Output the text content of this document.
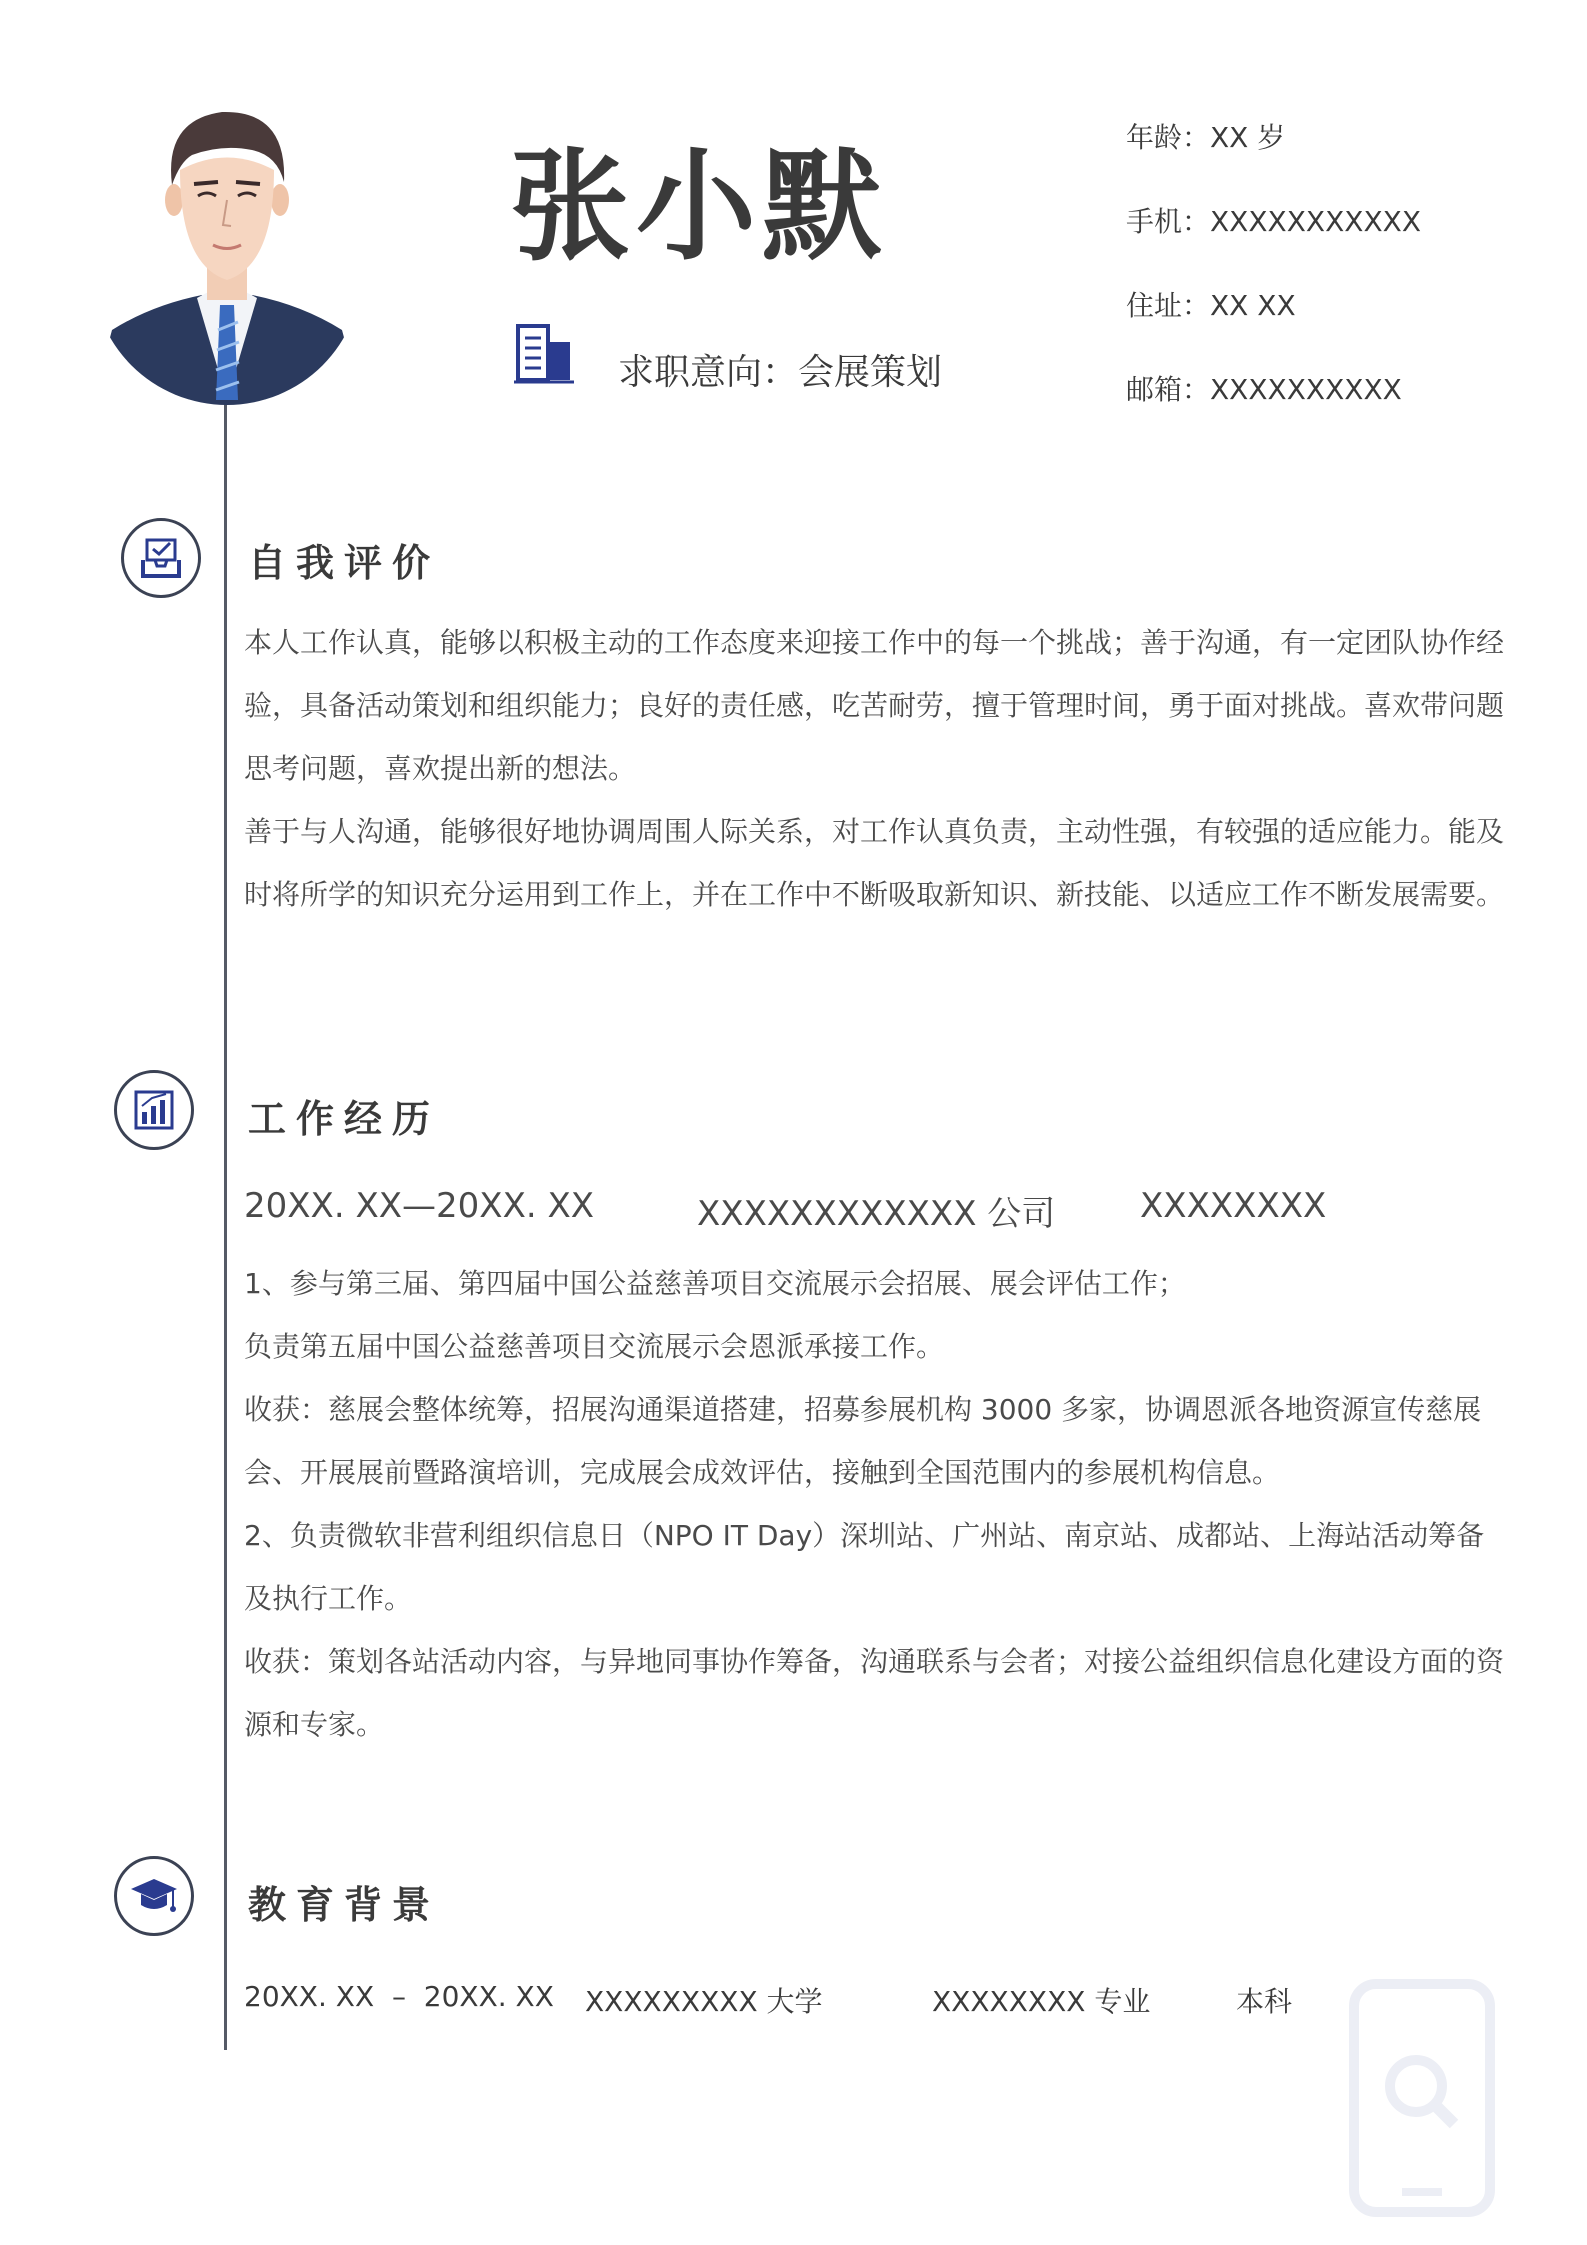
张小默
求职意向：会展策划
年龄：XX 岁
手机：XXXXXXXXXXX
住址：XX XX
邮箱：XXXXXXXXXX
自我评价

本人工作认真，能够以积极主动的工作态度来迎接工作中的每一个挑战；善于沟通，有一定团队协作经验，具备活动策划和组织能力；良好的责任感，吃苦耐劳，擅于管理时间，勇于面对挑战。喜欢带问题思考问题，喜欢提出新的想法。

善于与人沟通，能够很好地协调周围人际关系，对工作认真负责，主动性强，有较强的适应能力。能及时将所学的知识充分运用到工作上，并在工作中不断吸取新知识、新技能、以适应工作不断发展需要。

工作经历
20XX. XX—20XX. XX	XXXXXXXXXXXX 公司 XXXXXXXX

1、参与第三届、第四届中国公益慈善项目交流展示会招展、展会评估工作；

负责第五届中国公益慈善项目交流展示会恩派承接工作。

收获：慈展会整体统筹，招展沟通渠道搭建，招募参展机构 3000 多家，协调恩派各地资源宣传慈展会、开展展前暨路演培训，完成展会成效评估，接触到全国范围内的参展机构信息。

2、负责微软非营利组织信息日（NPO IT Day）深圳站、广州站、南京站、成都站、上海站活动筹备及执行工作。

收获：策划各站活动内容，与异地同事协作筹备，沟通联系与会者；对接公益组织信息化建设方面的资源和专家。

教育背景
20XX. XX  –  20XX. XX XXXXXXXXX 大学	XXXXXXXX 专业	本科
